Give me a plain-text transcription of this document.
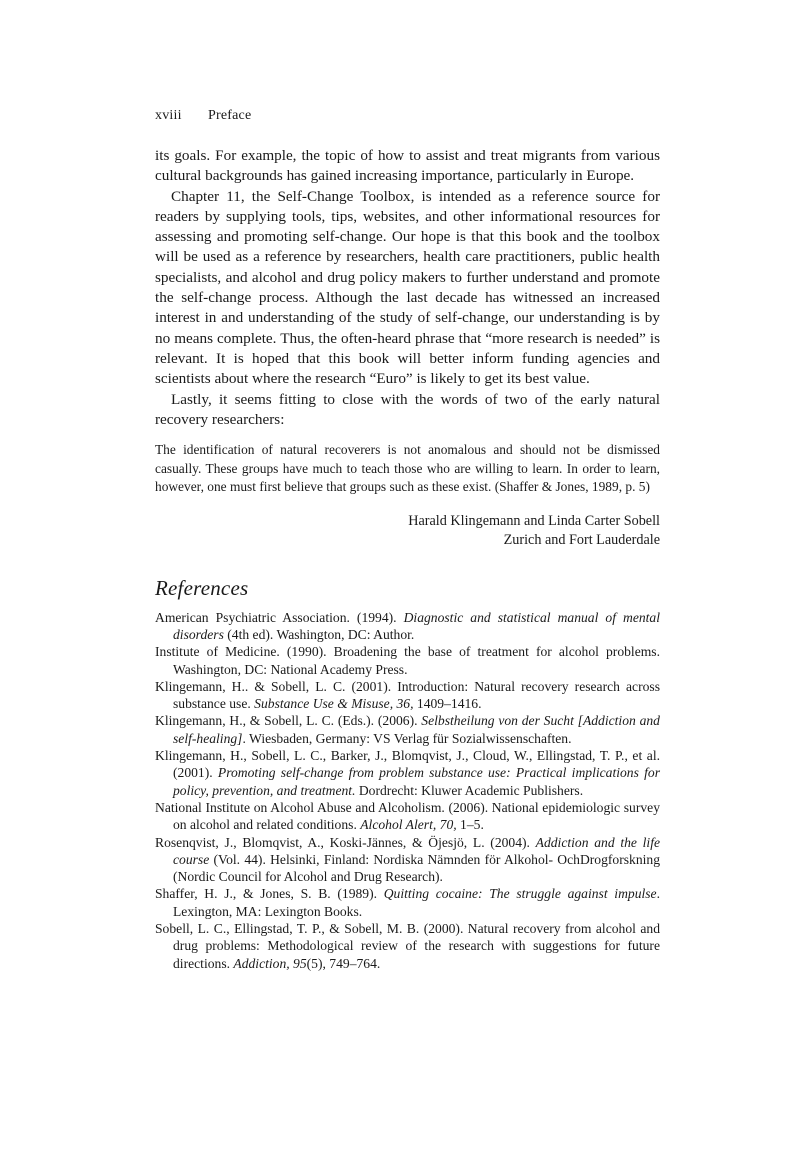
xviii Preface

its goals. For example, the topic of how to assist and treat migrants from various cultural backgrounds has gained increasing importance, particularly in Europe.

Chapter 11, the Self-Change Toolbox, is intended as a reference source for readers by supplying tools, tips, websites, and other informational resources for assessing and promoting self-change. Our hope is that this book and the toolbox will be used as a reference by researchers, health care practitioners, public health specialists, and alcohol and drug policy makers to further understand and promote the self-change process. Although the last decade has witnessed an increased interest in and understanding of the study of self-change, our understanding is by no means complete. Thus, the often-heard phrase that “more research is needed” is relevant. It is hoped that this book will better inform funding agencies and scientists about where the research “Euro” is likely to get its best value.

Lastly, it seems fitting to close with the words of two of the early natural recovery researchers:

The identification of natural recoverers is not anomalous and should not be dismissed casually. These groups have much to teach those who are willing to learn. In order to learn, however, one must first believe that groups such as these exist. (Shaffer & Jones, 1989, p. 5)

Harald Klingemann and Linda Carter Sobell
Zurich and Fort Lauderdale
References

American Psychiatric Association. (1994). Diagnostic and statistical manual of mental disorders (4th ed). Washington, DC: Author.

Institute of Medicine. (1990). Broadening the base of treatment for alcohol problems. Washington, DC: National Academy Press.

Klingemann, H.. & Sobell, L. C. (2001). Introduction: Natural recovery research across substance use. Substance Use & Misuse, 36, 1409–1416.

Klingemann, H., & Sobell, L. C. (Eds.). (2006). Selbstheilung von der Sucht [Addiction and self-healing]. Wiesbaden, Germany: VS Verlag für Sozialwissenschaften.

Klingemann, H., Sobell, L. C., Barker, J., Blomqvist, J., Cloud, W., Ellingstad, T. P., et al. (2001). Promoting self-change from problem substance use: Practical implications for policy, prevention, and treatment. Dordrecht: Kluwer Academic Publishers.

National Institute on Alcohol Abuse and Alcoholism. (2006). National epidemiologic survey on alcohol and related conditions. Alcohol Alert, 70, 1–5.

Rosenqvist, J., Blomqvist, A., Koski-Jännes, & Öjesjö, L. (2004). Addiction and the life course (Vol. 44). Helsinki, Finland: Nordiska Nämnden för Alkohol- OchDrogforskning (Nordic Council for Alcohol and Drug Research).

Shaffer, H. J., & Jones, S. B. (1989). Quitting cocaine: The struggle against impulse. Lexington, MA: Lexington Books.

Sobell, L. C., Ellingstad, T. P., & Sobell, M. B. (2000). Natural recovery from alcohol and drug problems: Methodological review of the research with suggestions for future directions. Addiction, 95(5), 749–764.
